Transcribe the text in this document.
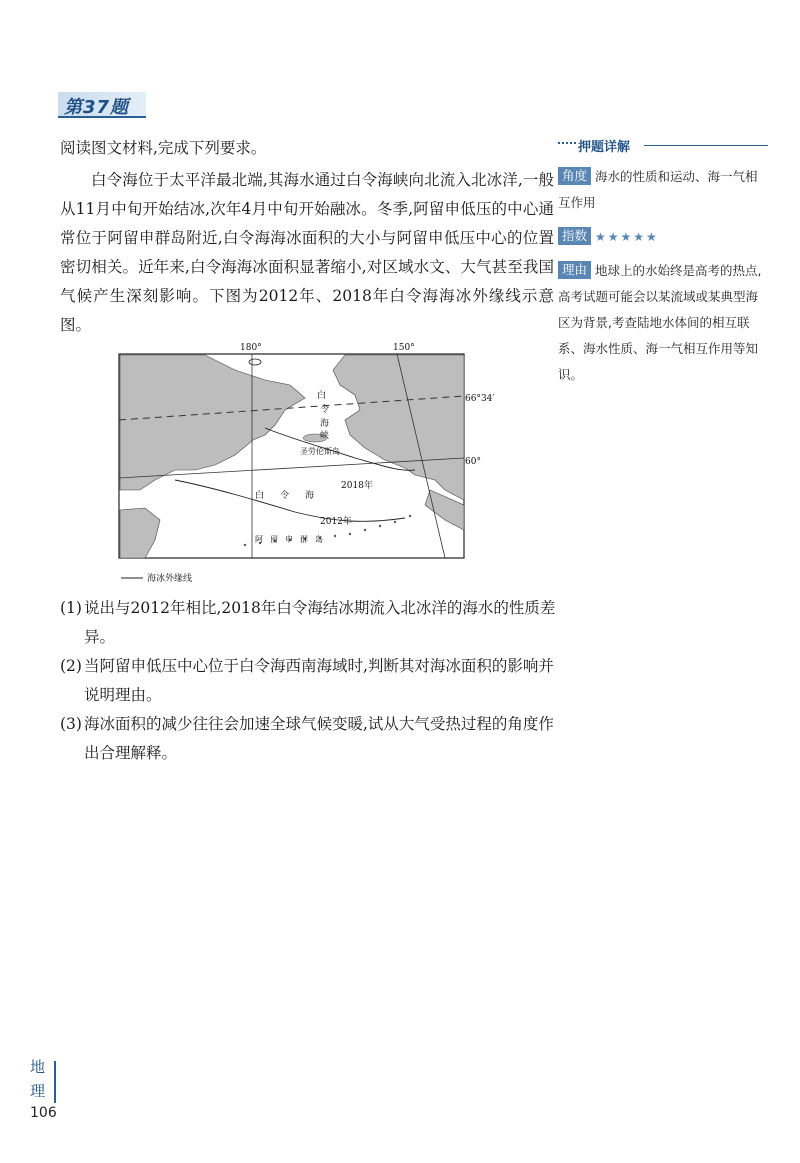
第37题
阅读图文材料,完成下列要求。

白令海位于太平洋最北端,其海水通过白令海峡向北流入北冰洋,一般从11月中旬开始结冰,次年4月中旬开始融冰。冬季,阿留申低压的中心通常位于阿留申群岛附近,白令海海冰面积的大小与阿留申低压中心的位置密切相关。近年来,白令海海冰面积显著缩小,对区域水文、大气甚至我国气候产生深刻影响。下图为2012年、2018年白令海海冰外缘线示意图。

180°	150°
66°34′
60°
白
令
海
峡
圣劳伦斯岛
白 令 海
阿 留 申 群 岛
2018年
2012年
海冰外缘线
(1) 说出与2012年相比,2018年白令海结冰期流入北冰洋的海水的性质差异。
(2) 当阿留申低压中心位于白令海西南海域时,判断其对海冰面积的影响并说明理由。
(3) 海冰面积的减少往往会加速全球气候变暖,试从大气受热过程的角度作出合理解释。
押题详解
角度 海水的性质和运动、海一气相互作用
指数 ★★★★★
理由 地球上的水始终是高考的热点,高考试题可能会以某流域或某典型海区为背景,考查陆地水体间的相互联系、海水性质、海一气相互作用等知识。
地
理
106
